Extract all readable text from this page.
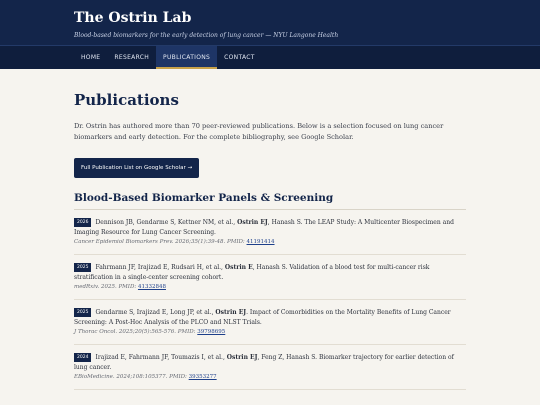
The Ostrin Lab
Blood-based biomarkers for the early detection of lung cancer — NYU Langone Health
HOME	RESEARCH	PUBLICATIONS	CONTACT
Publications

Dr. Ostrin has authored more than 70 peer-reviewed publications. Below is a selection focused on lung cancer biomarkers and early detection. For the complete bibliography, see Google Scholar.

Full Publication List on Google Scholar →
Blood-Based Biomarker Panels & Screening
2026 Dennison JB, Gendarme S, Kettner NM, et al., Ostrin EJ, Hanash S. The LEAP Study: A Multicenter Biospecimen and Imaging Resource for Lung Cancer Screening.
Cancer Epidemiol Biomarkers Prev. 2026;35(1):39-48. PMID: 41191414
2025 Fahrmann JF, Irajizad E, Rudsari H, et al., Ostrin E, Hanash S. Validation of a blood test for multi-cancer risk stratification in a single-center screening cohort.
medRxiv. 2025. PMID: 41332848
2025 Gendarme S, Irajizad E, Long JP, et al., Ostrin EJ. Impact of Comorbidities on the Mortality Benefits of Lung Cancer Screening: A Post-Hoc Analysis of the PLCO and NLST Trials.
J Thorac Oncol. 2025;20(5):565-576. PMID: 39798695
2024 Irajizad E, Fahrmann JF, Toumazis I, et al., Ostrin EJ, Feng Z, Hanash S. Biomarker trajectory for earlier detection of lung cancer.
EBioMedicine. 2024;108:105377. PMID: 39353277
